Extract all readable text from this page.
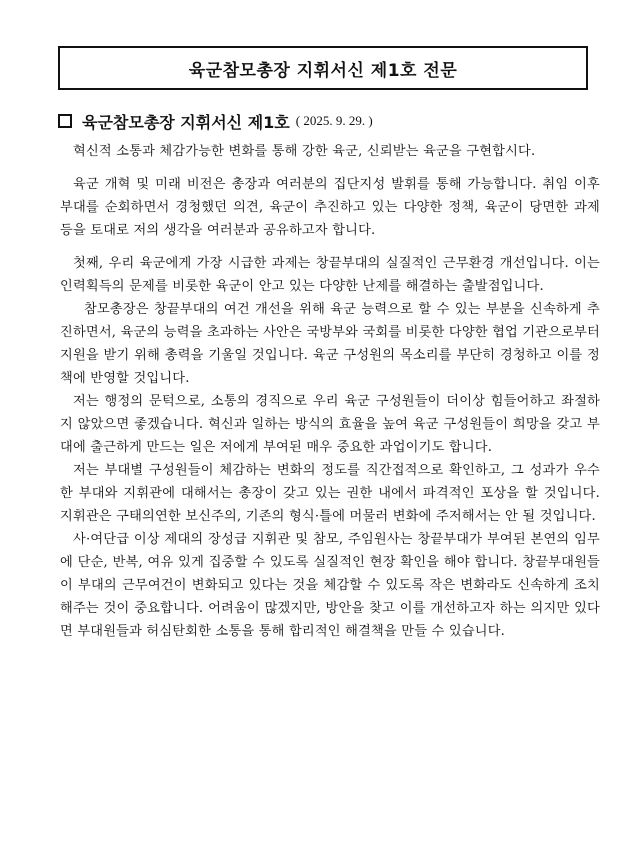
육군참모총장 지휘서신 제1호 전문
육군참모총장 지휘서신 제1호 ( 2025. 9. 29. )

혁신적 소통과 체감가능한 변화를 통해 강한 육군, 신뢰받는 육군을 구현합시다.

육군 개혁 및 미래 비전은 총장과 여러분의 집단지성 발휘를 통해 가능합니다. 취임 이후 부대를 순회하면서 경청했던 의견, 육군이 추진하고 있는 다양한 정책, 육군이 당면한 과제 등을 토대로 저의 생각을 여러분과 공유하고자 합니다.

첫째, 우리 육군에게 가장 시급한 과제는 창끝부대의 실질적인 근무환경 개선입니다. 이는 인력획득의 문제를 비롯한 육군이 안고 있는 다양한 난제를 해결하는 출발점입니다.

참모총장은 창끝부대의 여건 개선을 위해 육군 능력으로 할 수 있는 부분을 신속하게 추진하면서, 육군의 능력을 초과하는 사안은 국방부와 국회를 비롯한 다양한 협업 기관으로부터 지원을 받기 위해 총력을 기울일 것입니다. 육군 구성원의 목소리를 부단히 경청하고 이를 정책에 반영할 것입니다.

저는 행정의 문턱으로, 소통의 경직으로 우리 육군 구성원들이 더이상 힘들어하고 좌절하지 않았으면 좋겠습니다. 혁신과 일하는 방식의 효율을 높여 육군 구성원들이 희망을 갖고 부대에 출근하게 만드는 일은 저에게 부여된 매우 중요한 과업이기도 합니다.

저는 부대별 구성원들이 체감하는 변화의 정도를 직간접적으로 확인하고, 그 성과가 우수한 부대와 지휘관에 대해서는 총장이 갖고 있는 권한 내에서 파격적인 포상을 할 것입니다. 지휘관은 구태의연한 보신주의, 기존의 형식·틀에 머물러 변화에 주저해서는 안 될 것입니다.

사·여단급 이상 제대의 장성급 지휘관 및 참모, 주임원사는 창끝부대가 부여된 본연의 임무에 단순, 반복, 여유 있게 집중할 수 있도록 실질적인 현장 확인을 해야 합니다. 창끝부대원들이 부대의 근무여건이 변화되고 있다는 것을 체감할 수 있도록 작은 변화라도 신속하게 조치해주는 것이 중요합니다. 어려움이 많겠지만, 방안을 찾고 이를 개선하고자 하는 의지만 있다면 부대원들과 허심탄회한 소통을 통해 합리적인 해결책을 만들 수 있습니다.
